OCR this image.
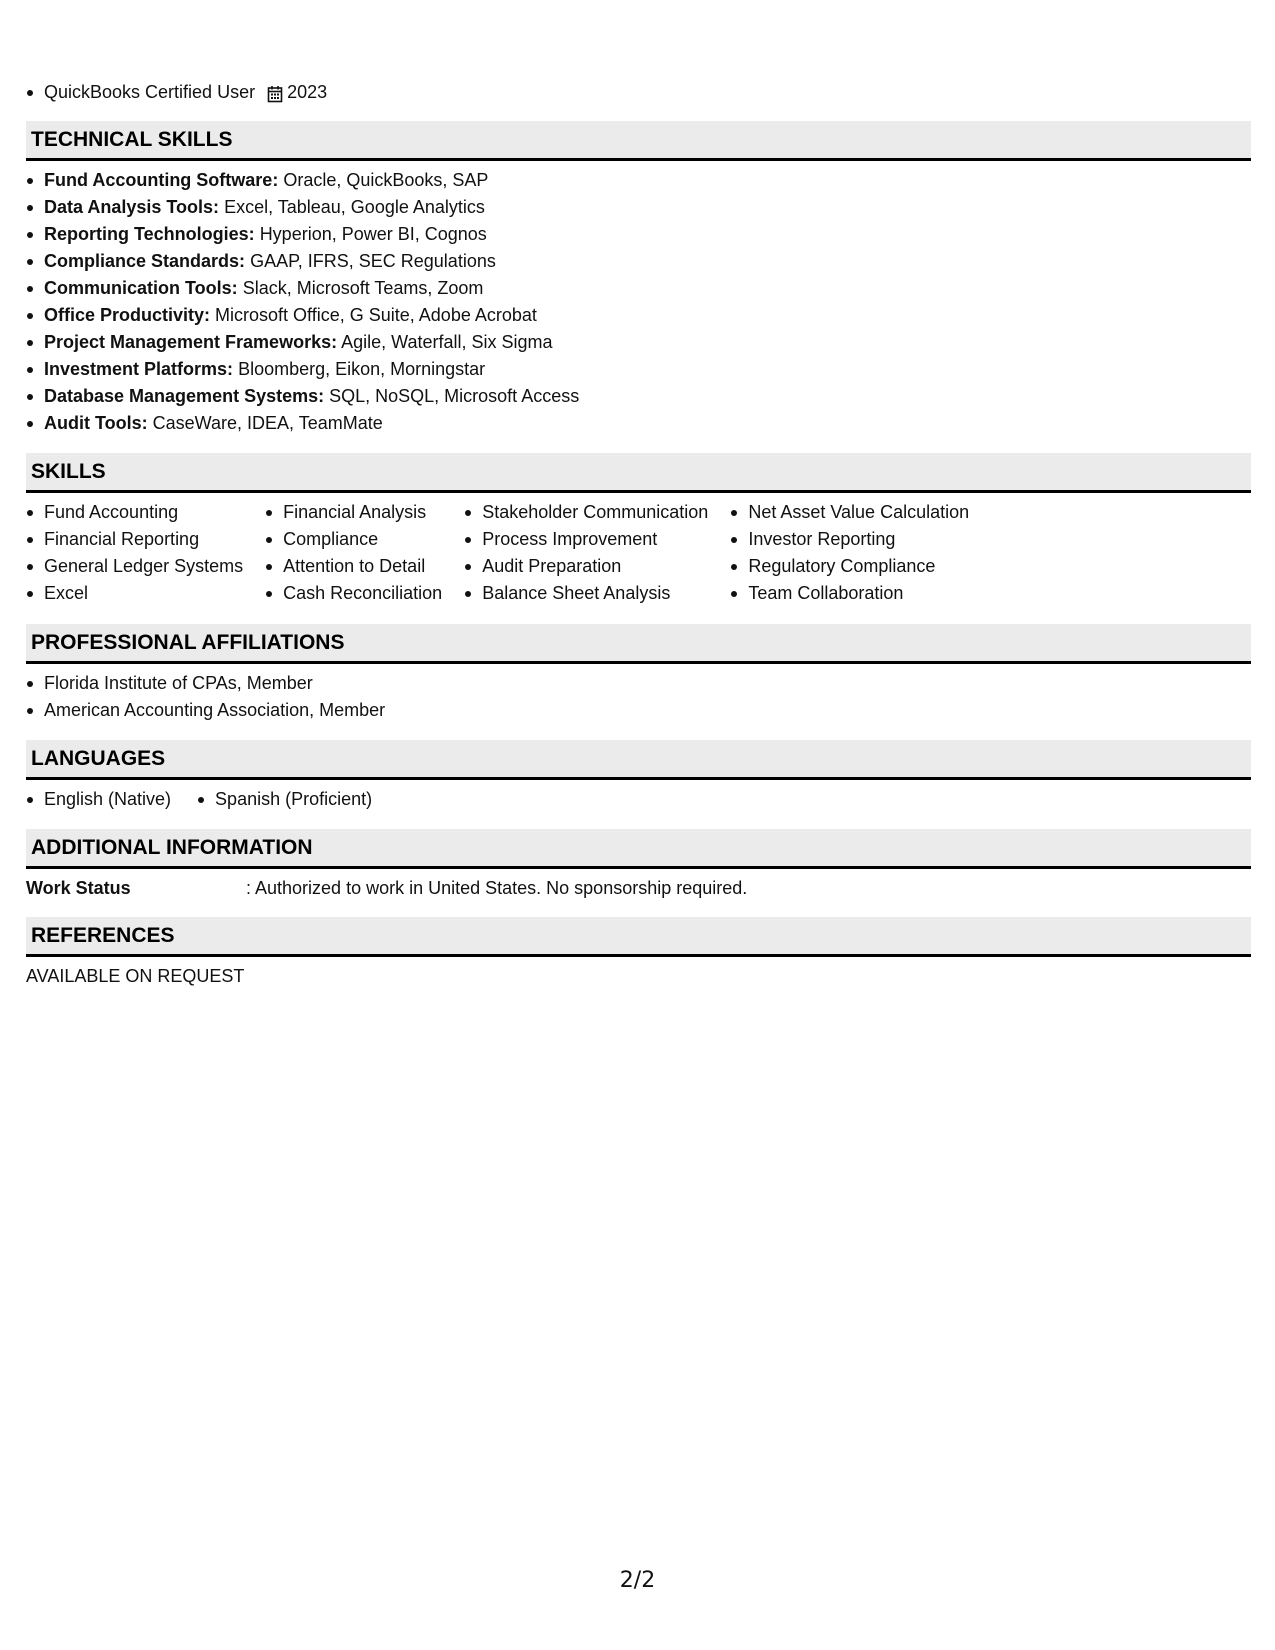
QuickBooks Certified User 2023
TECHNICAL SKILLS
Fund Accounting Software: Oracle, QuickBooks, SAP
Data Analysis Tools: Excel, Tableau, Google Analytics
Reporting Technologies: Hyperion, Power BI, Cognos
Compliance Standards: GAAP, IFRS, SEC Regulations
Communication Tools: Slack, Microsoft Teams, Zoom
Office Productivity: Microsoft Office, G Suite, Adobe Acrobat
Project Management Frameworks: Agile, Waterfall, Six Sigma
Investment Platforms: Bloomberg, Eikon, Morningstar
Database Management Systems: SQL, NoSQL, Microsoft Access
Audit Tools: CaseWare, IDEA, TeamMate
SKILLS
Fund Accounting
Financial Reporting
General Ledger Systems
Excel
Financial Analysis
Compliance
Attention to Detail
Cash Reconciliation
Stakeholder Communication
Process Improvement
Audit Preparation
Balance Sheet Analysis
Net Asset Value Calculation
Investor Reporting
Regulatory Compliance
Team Collaboration
PROFESSIONAL AFFILIATIONS
Florida Institute of CPAs, Member
American Accounting Association, Member
LANGUAGES
English (Native)	Spanish (Proficient)
ADDITIONAL INFORMATION
Work Status	: Authorized to work in United States. No sponsorship required.
REFERENCES
AVAILABLE ON REQUEST
2/2
